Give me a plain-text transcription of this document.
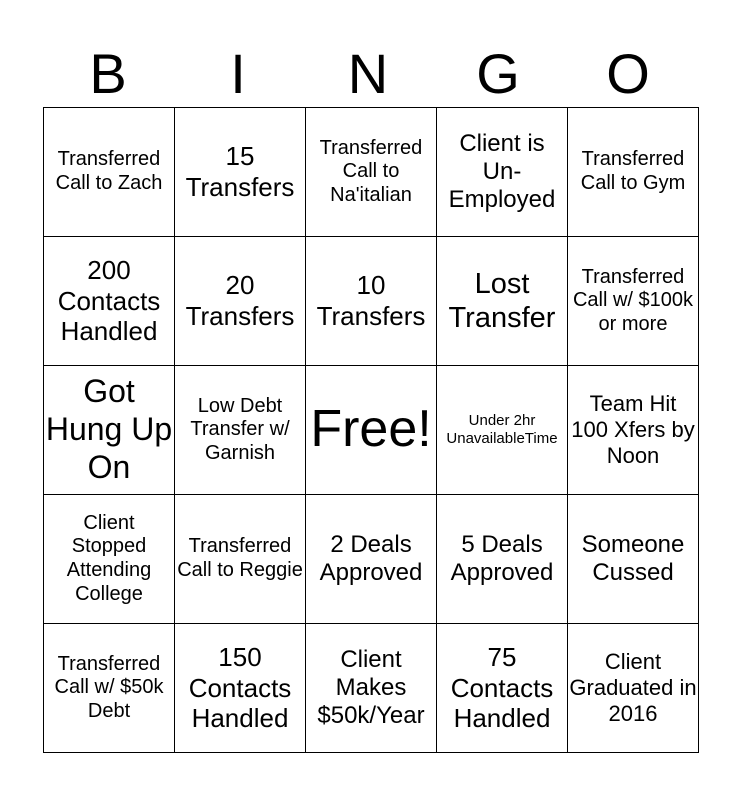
B	I	N	G	O
Transferred Call to Zach	15 Transfers	Transferred Call to Na'italian	Client is Un-Employed	Transferred Call to Gym
200 Contacts Handled	20 Transfers	10 Transfers	Lost Transfer	Transferred Call w/ $100k or more
Got Hung Up On	Low Debt Transfer w/ Garnish	Free!	Under 2hr UnavailableTime	Team Hit 100 Xfers by Noon
Client Stopped Attending College	Transferred Call to Reggie	2 Deals Approved	5 Deals Approved	Someone Cussed
Transferred Call w/ $50k Debt	150 Contacts Handled	Client Makes $50k/Year	75 Contacts Handled	Client Graduated in 2016
